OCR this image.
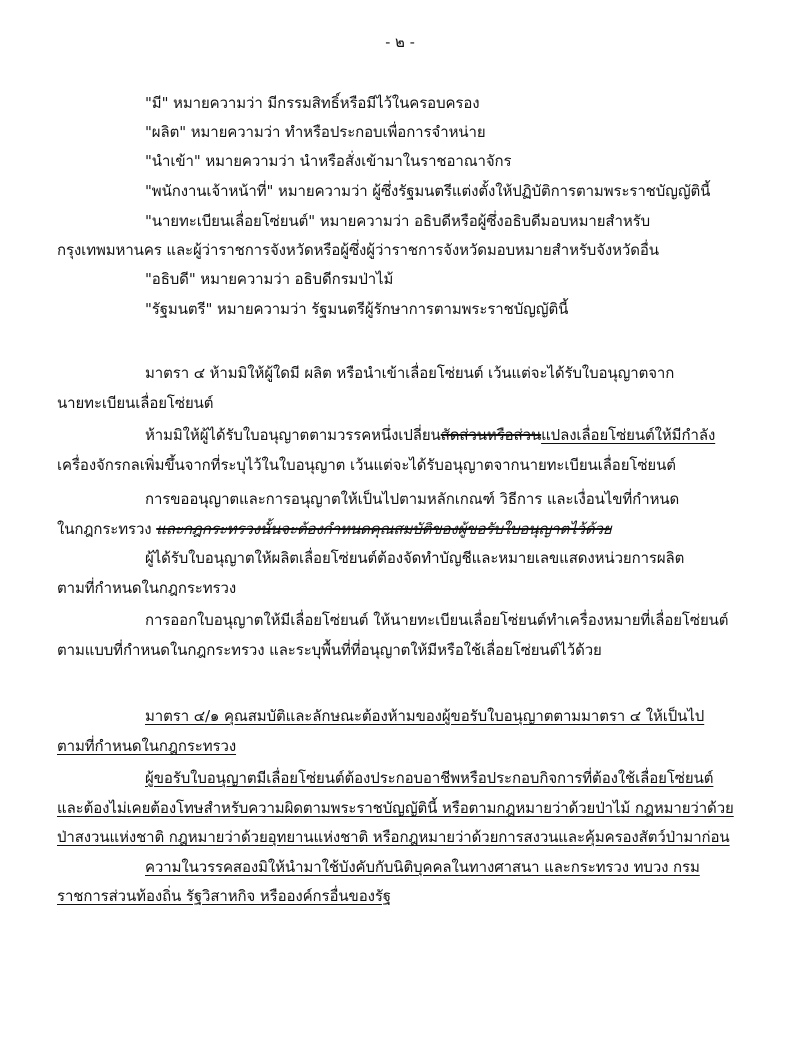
- ๒ -
"มี" หมายความว่า มีกรรมสิทธิ์หรือมีไว้ในครอบครอง
"ผลิต" หมายความว่า ทำหรือประกอบเพื่อการจำหน่าย
"นำเข้า" หมายความว่า นำหรือสั่งเข้ามาในราชอาณาจักร
"พนักงานเจ้าหน้าที่" หมายความว่า ผู้ซึ่งรัฐมนตรีแต่งตั้งให้ปฏิบัติการตามพระราชบัญญัตินี้
"นายทะเบียนเลื่อยโซ่ยนต์" หมายความว่า อธิบดีหรือผู้ซึ่งอธิบดีมอบหมายสำหรับ
กรุงเทพมหานคร และผู้ว่าราชการจังหวัดหรือผู้ซึ่งผู้ว่าราชการจังหวัดมอบหมายสำหรับจังหวัดอื่น
"อธิบดี" หมายความว่า อธิบดีกรมป่าไม้
"รัฐมนตรี" หมายความว่า รัฐมนตรีผู้รักษาการตามพระราชบัญญัตินี้
มาตรา ๔ ห้ามมิให้ผู้ใดมี ผลิต หรือนำเข้าเลื่อยโซ่ยนต์ เว้นแต่จะได้รับใบอนุญาตจาก
นายทะเบียนเลื่อยโซ่ยนต์
ห้ามมิให้ผู้ได้รับใบอนุญาตตามวรรคหนึ่งเปลี่ยนสัดส่วนหรือส่วนแปลงเลื่อยโซ่ยนต์ให้มีกำลัง
เครื่องจักรกลเพิ่มขึ้นจากที่ระบุไว้ในใบอนุญาต เว้นแต่จะได้รับอนุญาตจากนายทะเบียนเลื่อยโซ่ยนต์
การขออนุญาตและการอนุญาตให้เป็นไปตามหลักเกณฑ์ วิธีการ และเงื่อนไขที่กำหนด
ในกฎกระทรวง และกฎกระทรวงนั้นจะต้องกำหนดคุณสมบัติของผู้ขอรับใบอนุญาตไว้ด้วย
ผู้ได้รับใบอนุญาตให้ผลิตเลื่อยโซ่ยนต์ต้องจัดทำบัญชีและหมายเลขแสดงหน่วยการผลิต
ตามที่กำหนดในกฎกระทรวง
การออกใบอนุญาตให้มีเลื่อยโซ่ยนต์ ให้นายทะเบียนเลื่อยโซ่ยนต์ทำเครื่องหมายที่เลื่อยโซ่ยนต์
ตามแบบที่กำหนดในกฎกระทรวง และระบุพื้นที่ที่อนุญาตให้มีหรือใช้เลื่อยโซ่ยนต์ไว้ด้วย
มาตรา ๔/๑ คุณสมบัติและลักษณะต้องห้ามของผู้ขอรับใบอนุญาตตามมาตรา ๔ ให้เป็นไป
ตามที่กำหนดในกฎกระทรวง
ผู้ขอรับใบอนุญาตมีเลื่อยโซ่ยนต์ต้องประกอบอาชีพหรือประกอบกิจการที่ต้องใช้เลื่อยโซ่ยนต์
และต้องไม่เคยต้องโทษสำหรับความผิดตามพระราชบัญญัตินี้ หรือตามกฎหมายว่าด้วยป่าไม้ กฎหมายว่าด้วย
ป่าสงวนแห่งชาติ กฎหมายว่าด้วยอุทยานแห่งชาติ หรือกฎหมายว่าด้วยการสงวนและคุ้มครองสัตว์ป่ามาก่อน
ความในวรรคสองมิให้นำมาใช้บังคับกับนิติบุคคลในทางศาสนา และกระทรวง ทบวง กรม
ราชการส่วนท้องถิ่น รัฐวิสาหกิจ หรือองค์กรอื่นของรัฐ
